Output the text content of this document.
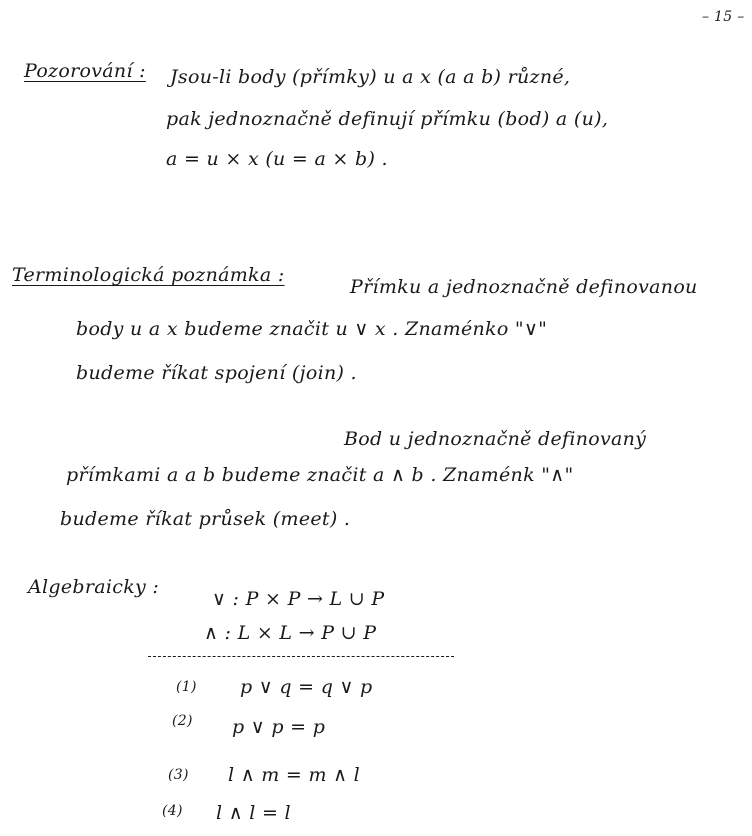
– 15 –
Pozorování : Jsou-li body (přímky) u a x (a a b) různé,
pak jednoznačně definují přímku (bod) a (u),
a = u × x (u = a × b) .
Terminologická poznámka :
Přímku a jednoznačně definovanou
body u a x budeme značit u ∨ x . Znaménko "∨"
budeme říkat spojení (join) .
Bod u jednoznačně definovaný
přímkami a a b budeme značit a ∧ b . Znaménk "∧"
budeme říkat průsek (meet) .
Algebraicky :
∨ : P × P → L ∪ P
∧ : L × L → P ∪ P
(1) p ∨ q = q ∨ p
(2) p ∨ p = p
(3) l ∧ m = m ∧ l
(4) l ∧ l = l
